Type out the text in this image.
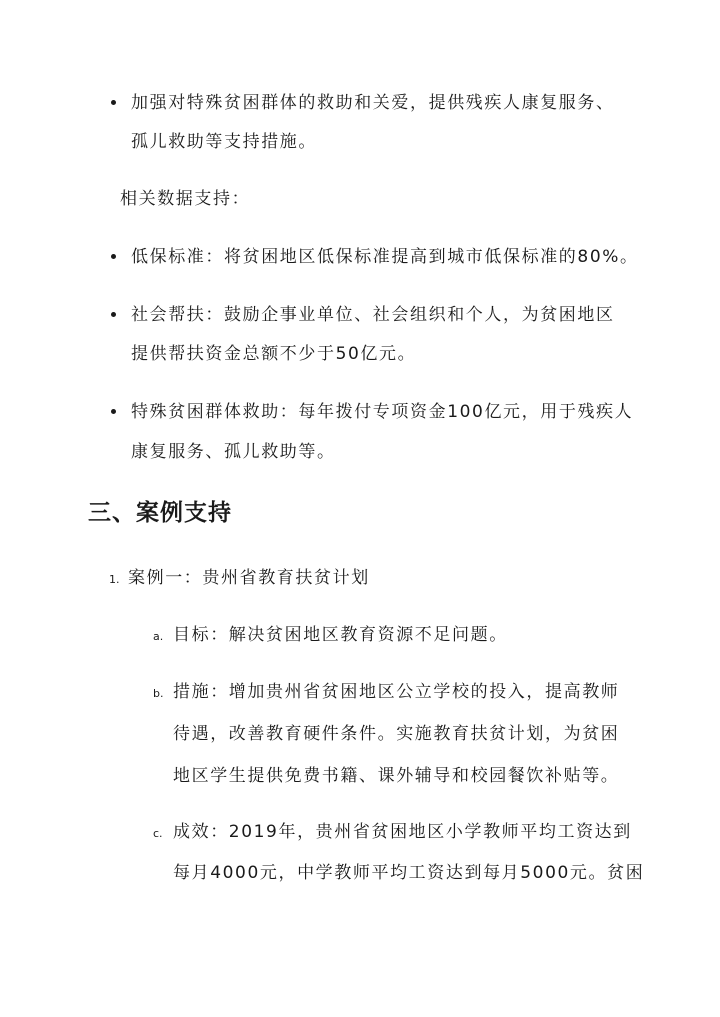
加强对特殊贫困群体的救助和关爱，提供残疾人康复服务、
孤儿救助等支持措施。
相关数据支持：
低保标准：将贫困地区低保标准提高到城市低保标准的80%。
社会帮扶：鼓励企事业单位、社会组织和个人，为贫困地区
提供帮扶资金总额不少于50亿元。
特殊贫困群体救助：每年拨付专项资金100亿元，用于残疾人
康复服务、孤儿救助等。
三、案例支持
1. 案例一：贵州省教育扶贫计划
a. 目标：解决贫困地区教育资源不足问题。
b. 措施：增加贵州省贫困地区公立学校的投入，提高教师
待遇，改善教育硬件条件。实施教育扶贫计划，为贫困
地区学生提供免费书籍、课外辅导和校园餐饮补贴等。
c. 成效：2019年，贵州省贫困地区小学教师平均工资达到
每月4000元，中学教师平均工资达到每月5000元。贫困
